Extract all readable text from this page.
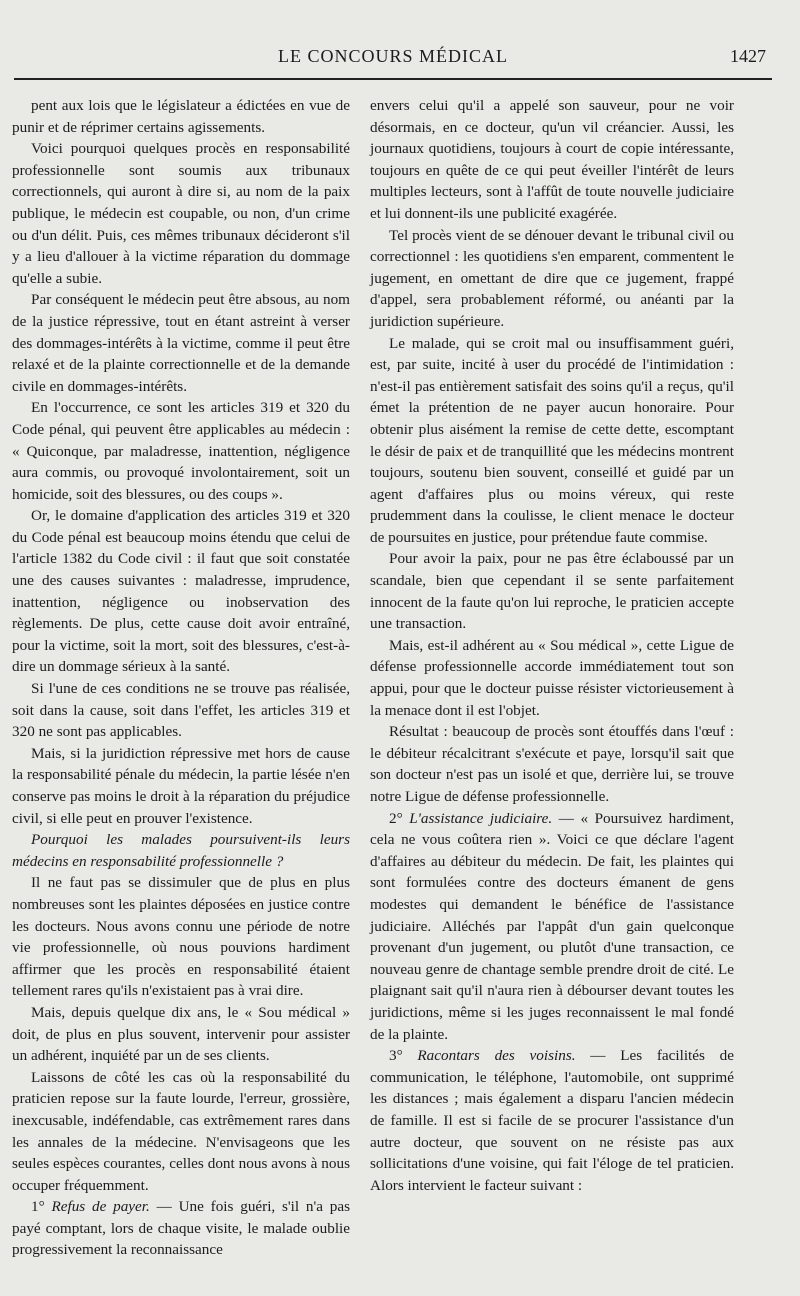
LE CONCOURS MÉDICAL	1427

pent aux lois que le législateur a édictées en vue de punir et de réprimer certains agissements.

Voici pourquoi quelques procès en responsabilité professionnelle sont soumis aux tribunaux correctionnels, qui auront à dire si, au nom de la paix publique, le médecin est coupable, ou non, d'un crime ou d'un délit. Puis, ces mêmes tribunaux décideront s'il y a lieu d'allouer à la victime réparation du dommage qu'elle a subie.

Par conséquent le médecin peut être absous, au nom de la justice répressive, tout en étant astreint à verser des dommages-intérêts à la victime, comme il peut être relaxé et de la plainte correctionnelle et de la demande civile en dommages-intérêts.

En l'occurrence, ce sont les articles 319 et 320 du Code pénal, qui peuvent être applicables au médecin : « Quiconque, par maladresse, inattention, négligence aura commis, ou provoqué involontairement, soit un homicide, soit des blessures, ou des coups ».

Or, le domaine d'application des articles 319 et 320 du Code pénal est beaucoup moins étendu que celui de l'article 1382 du Code civil : il faut que soit constatée une des causes suivantes : maladresse, imprudence, inattention, négligence ou inobservation des règlements. De plus, cette cause doit avoir entraîné, pour la victime, soit la mort, soit des blessures, c'est-à-dire un dommage sérieux à la santé.

Si l'une de ces conditions ne se trouve pas réalisée, soit dans la cause, soit dans l'effet, les articles 319 et 320 ne sont pas applicables.

Mais, si la juridiction répressive met hors de cause la responsabilité pénale du médecin, la partie lésée n'en conserve pas moins le droit à la réparation du préjudice civil, si elle peut en prouver l'existence.

Pourquoi les malades poursuivent-ils leurs médecins en responsabilité professionnelle ?

Il ne faut pas se dissimuler que de plus en plus nombreuses sont les plaintes déposées en justice contre les docteurs. Nous avons connu une période de notre vie professionnelle, où nous pouvions hardiment affirmer que les procès en responsabilité étaient tellement rares qu'ils n'existaient pas à vrai dire.

Mais, depuis quelque dix ans, le « Sou médical » doit, de plus en plus souvent, intervenir pour assister un adhérent, inquiété par un de ses clients.

Laissons de côté les cas où la responsabilité du praticien repose sur la faute lourde, l'erreur, grossière, inexcusable, indéfendable, cas extrêmement rares dans les annales de la médecine. N'envisageons que les seules espèces courantes, celles dont nous avons à nous occuper fréquemment.

1° Refus de payer. — Une fois guéri, s'il n'a pas payé comptant, lors de chaque visite, le malade oublie progressivement la reconnaissance

envers celui qu'il a appelé son sauveur, pour ne voir désormais, en ce docteur, qu'un vil créancier. Aussi, les journaux quotidiens, toujours à court de copie intéressante, toujours en quête de ce qui peut éveiller l'intérêt de leurs multiples lecteurs, sont à l'affût de toute nouvelle judiciaire et lui donnent-ils une publicité exagérée.

Tel procès vient de se dénouer devant le tribunal civil ou correctionnel : les quotidiens s'en emparent, commentent le jugement, en omettant de dire que ce jugement, frappé d'appel, sera probablement réformé, ou anéanti par la juridiction supérieure.

Le malade, qui se croit mal ou insuffisamment guéri, est, par suite, incité à user du procédé de l'intimidation : n'est-il pas entièrement satisfait des soins qu'il a reçus, qu'il émet la prétention de ne payer aucun honoraire. Pour obtenir plus aisément la remise de cette dette, escomptant le désir de paix et de tranquillité que les médecins montrent toujours, soutenu bien souvent, conseillé et guidé par un agent d'affaires plus ou moins véreux, qui reste prudemment dans la coulisse, le client menace le docteur de poursuites en justice, pour prétendue faute commise.

Pour avoir la paix, pour ne pas être éclaboussé par un scandale, bien que cependant il se sente parfaitement innocent de la faute qu'on lui reproche, le praticien accepte une transaction.

Mais, est-il adhérent au « Sou médical », cette Ligue de défense professionnelle accorde immédiatement tout son appui, pour que le docteur puisse résister victorieusement à la menace dont il est l'objet.

Résultat : beaucoup de procès sont étouffés dans l'œuf : le débiteur récalcitrant s'exécute et paye, lorsqu'il sait que son docteur n'est pas un isolé et que, derrière lui, se trouve notre Ligue de défense professionnelle.

2° L'assistance judiciaire. — « Poursuivez hardiment, cela ne vous coûtera rien ». Voici ce que déclare l'agent d'affaires au débiteur du médecin. De fait, les plaintes qui sont formulées contre des docteurs émanent de gens modestes qui demandent le bénéfice de l'assistance judiciaire. Alléchés par l'appât d'un gain quelconque provenant d'un jugement, ou plutôt d'une transaction, ce nouveau genre de chantage semble prendre droit de cité. Le plaignant sait qu'il n'aura rien à débourser devant toutes les juridictions, même si les juges reconnaissent le mal fondé de la plainte.

3° Racontars des voisins. — Les facilités de communication, le téléphone, l'automobile, ont supprimé les distances ; mais également a disparu l'ancien médecin de famille. Il est si facile de se procurer l'assistance d'un autre docteur, que souvent on ne résiste pas aux sollicitations d'une voisine, qui fait l'éloge de tel praticien. Alors intervient le facteur suivant :
